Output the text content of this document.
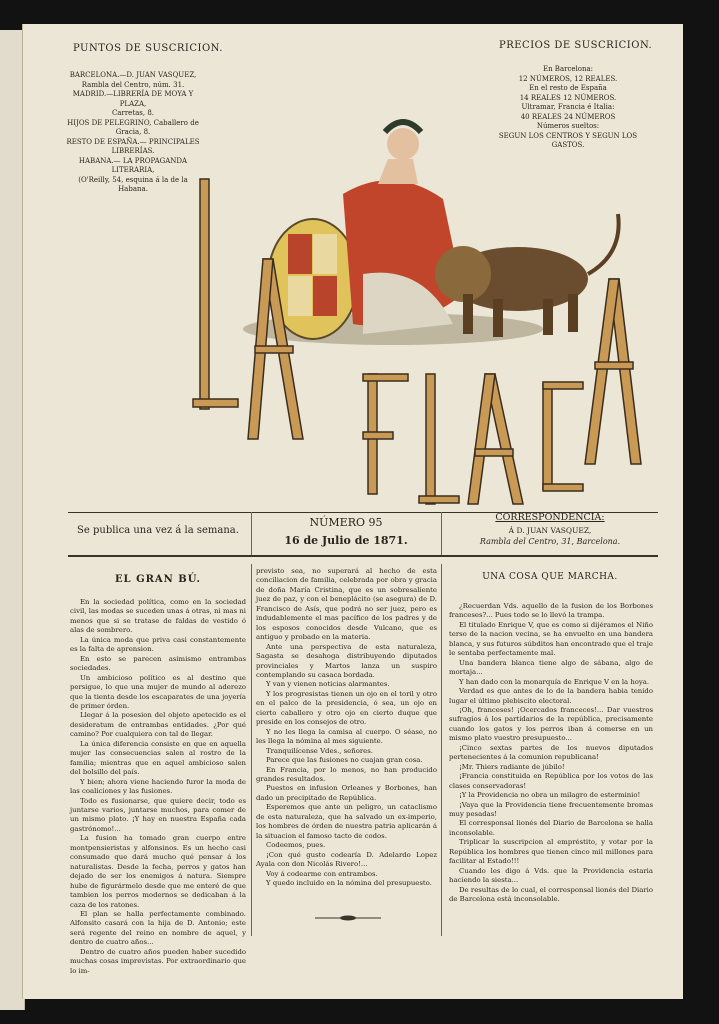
PUNTOS DE SUSCRICION.
BARCELONA.—D. JUAN VASQUEZ,
Rambla del Centro, núm. 31.
MADRID.—LIBRERÍA DE MOYA Y PLAZA,
Carretas, 8.
HIJOS DE PELEGRINO, Caballero de Gracia, 8.
RESTO DE ESPAÑA.— PRINCIPALES
LIBRERÍAS.
HABANA.— LA PROPAGANDA LITERARIA,
(O'Reilly, 54, esquina á la de la Habana.
PRECIOS DE SUSCRICION.
En Barcelona:
12 NÚMEROS, 12 REALES.
En el resto de España
14 REALES 12 NÚMEROS.
Ultramar, Francia é Italia:
40 REALES 24 NÚMEROS
Números sueltos:
SEGUN LOS CENTROS Y SEGUN LOS GASTOS.
Se publica una vez á la semana.
NÚMERO 95
16 de Julio de 1871.
CORRESPONDENCIA:
Á D. JUAN VASQUEZ,
Rambla del Centro, 31, Barcelona.
EL GRAN BÚ.

En la sociedad política, como en la sociedad civil, las modas se suceden unas á otras, ni mas ni menos que si se tratase de faldas de vestido ó alas de sombrero.

La única moda que priva casi constantemente es la falta de aprension.

En esto se parecen asimismo entrambas sociedades.

Un ambicioso político es al destino que persigue, lo que una mujer de mundo al aderezo que la tienta desde los escaparates de una joyería de primer órden.

Llegar á la posesion del objeto apetecido es el desideratum de entrambas entidades. ¿Por qué camino? Por cualquiera con tal de llegar.

La única diferencia consiste en que en aquella mujer las consecuencias salen al rostro de la familia; mientras que en aquel ambicioso salen del bolsillo del país.

Y bien; ahora viene haciendo furor la moda de las coaliciones y las fusiones.

Todo es fusionarse, que quiere decir, todo es juntarse varios, juntarse muchos, para comer de un mismo plato. ¡Y hay en nuestra España cada gastrónomo!...

La fusion ha tomado gran cuerpo entre montpensieristas y alfonsinos. Es un hecho casi consumado que dará mucho qué pensar á los naturalistas. Desde la fecha, perros y gatos han dejado de ser los enemigos á natura. Siempre hube de figurármelo desde que me enteré de que tambien los perros modernos se dedicaban á la caza de los ratones.

El plan se halla perfectamente combinado. Alfonsito casará con la hija de D. Antonio; este será regente del reino en nombre de aquel, y dentro de cuatro años...

Dentro de cuatro años pueden haber sucedido muchas cosas imprevistas. Por extraordinario que lo im-

previsto sea, no superará al hecho de esta conciliacion de familia, celebrada por obra y gracia de doña María Cristina, que es un sobresaliente juez de paz, y con el beneplácito (se asegura) de D. Francisco de Asís, que podrá no ser juez, pero es indudablemente el mas pacífico de los padres y de los esposos conocidos desde Vulcano, que es antiguo y probado en la materia.

Ante una perspectiva de esta naturaleza, Sagasta se desahoga distribuyendo diputados provinciales y Martos lanza un suspiro contemplando su casaca bordada.

Y van y vienen noticias alarmantes.

Y los progresistas tienen un ojo en el toril y otro en el palco de la presidencia, ó sea, un ojo en cierto caballero y otro ojo en cierto duque que preside en los consejos de otro.

Y no les llega la camisa al cuerpo. O séase, no les llega la nómina al mes siguiente.

Tranquilícense Vdes., señores.

Parece que las fusiones no cuajan gran cosa.

En Francia, por lo menos, no han producido grandes resultados.

Puestos en infusion Orleanes y Borbones, han dado un precipitado de República.

Esperemos que ante un peligro, un cataclismo de esta naturaleza, que ha salvado un ex-imperio, los hombres de órden de nuestra patria aplicarán á la situacion el famoso tacto de codos.

Codeemos, pues.

¡Con qué gusto codearía D. Adelardo Lopez Ayala con don Nicolás Rivero!...

Voy á codearme con entrambos.

Y quedo incluido en la nómina del presupuesto.

UNA COSA QUE MARCHA.

¿Recuerdan Vds. aquello de la fusion de los Borbones franceses?... Pues todo se lo llevó la trampa.

El titulado Enrique V, que es como si dijéramos el Niño terso de la nacion vecina, se ha envuelto en una bandera blanca, y sus futuros súbditos han encontrado que el traje le sentaba perfectamente mal.

Una bandera blanca tiene algo de sábana, algo de mortaja...

Y han dado con la monarquía de Enrique V en la hoya.

Verdad es que antes de lo de la bandera habia tenido lugar el último plebiscito electoral.

¡Oh, franceses! ¡Ocercados franceces!... Dar vuestros sufragios á los partidarios de la república, precisamente cuando los gatos y los perros iban á comerse en un mismo plato vuestro presupuesto...

¡Cinco sextas partes de los nuevos diputados pertenecientes á la comunion republicana!

¡Mr. Thiers radiante de júbilo!

¡Francia constituida en República por los votos de las clases conservadoras!

¡Y la Providencia no obra un milagro de esterminio!

¡Vaya que la Providencia tiene frecuentemente bromas muy pesadas!

El corresponsal lionés del Diario de Barcelona se halla inconsolable.

Triplicar la suscripcion al empréstito, y votar por la República los hombres que tienen cinco mil millones para facilitar al Estado!!!

Cuando les digo á Vds. que la Providencia estaria haciendo la siesta...

De resultas de lo cual, el corresponsal lionés del Diario de Barcelona está inconsolable.
